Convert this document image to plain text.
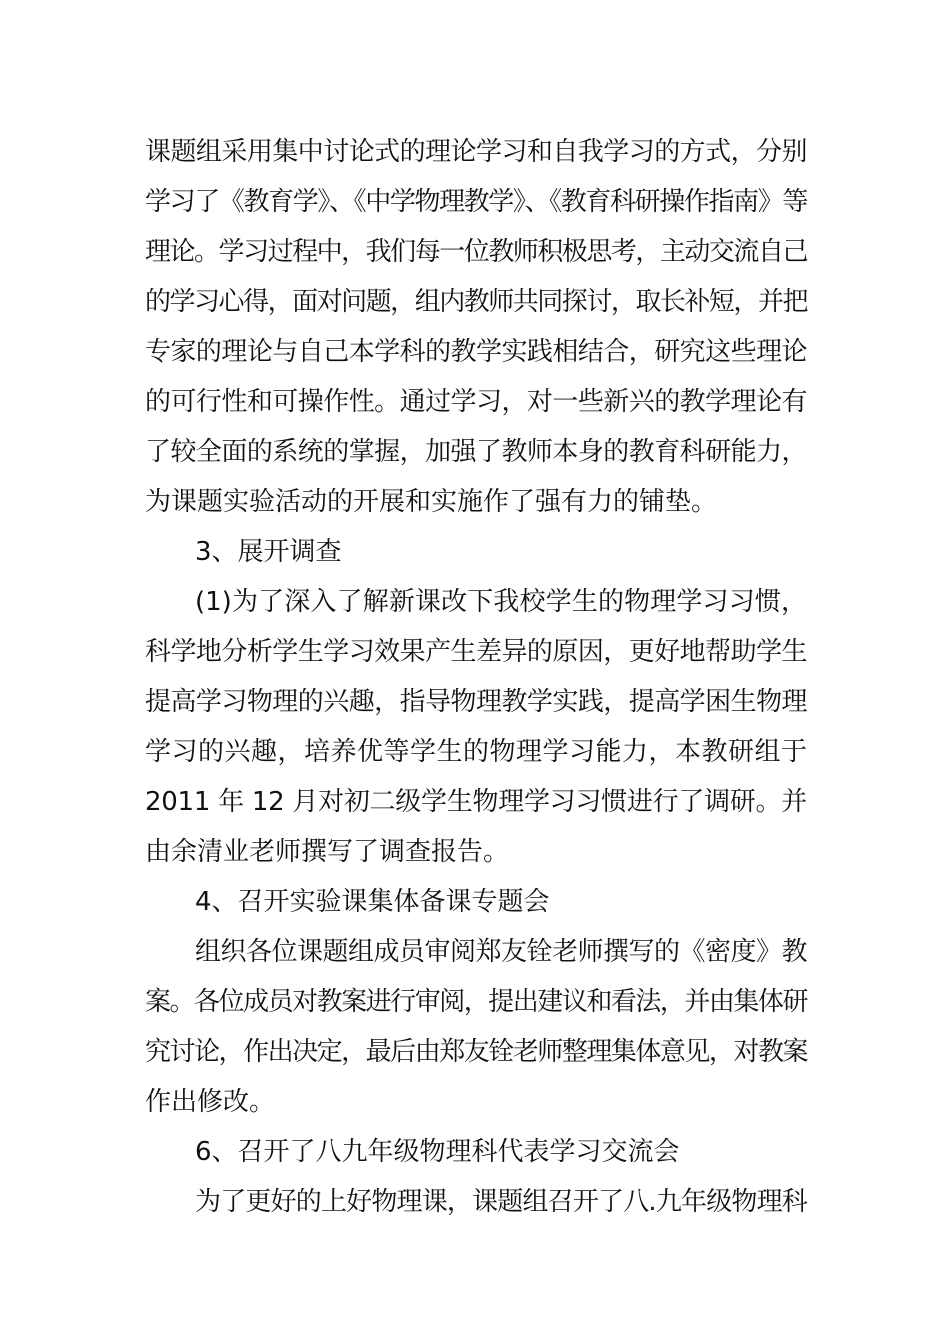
课题组采用集中讨论式的理论学习和自我学习的方式，分别
学习了《教育学》、《中学物理教学》、《教育科研操作指南》等
理论。学习过程中，我们每一位教师积极思考，主动交流自己
的学习心得，面对问题，组内教师共同探讨，取长补短，并把
专家的理论与自己本学科的教学实践相结合，研究这些理论
的可行性和可操作性。通过学习，对一些新兴的教学理论有
了较全面的系统的掌握，加强了教师本身的教育科研能力，
为课题实验活动的开展和实施作了强有力的铺垫。
3、展开调查
(1)为了深入了解新课改下我校学生的物理学习习惯，
科学地分析学生学习效果产生差异的原因，更好地帮助学生
提高学习物理的兴趣，指导物理教学实践，提高学困生物理
学习的兴趣，培养优等学生的物理学习能力，本教研组于
2011 年 12 月对初二级学生物理学习习惯进行了调研。并
由余清业老师撰写了调查报告。
4、召开实验课集体备课专题会
组织各位课题组成员审阅郑友铨老师撰写的《密度》教
案。各位成员对教案进行审阅，提出建议和看法，并由集体研
究讨论，作出决定，最后由郑友铨老师整理集体意见，对教案
作出修改。
6、召开了八九年级物理科代表学习交流会
为了更好的上好物理课，课题组召开了八.九年级物理科
